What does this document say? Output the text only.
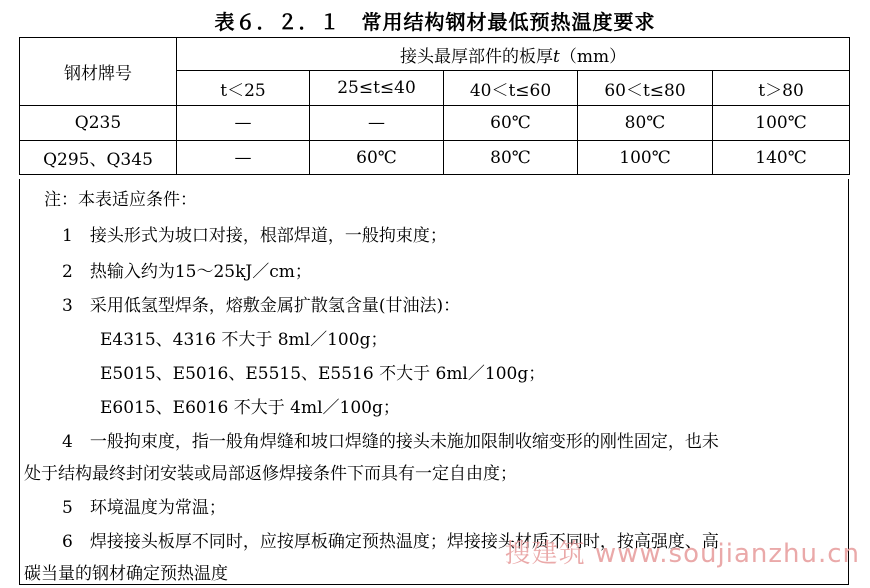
表６．２．１　常用结构钢材最低预热温度要求
钢材牌号	接头最厚部件的板厚t（mm）				
	t＜25	25≤t≤40	40＜t≤60	60＜t≤80	t＞80
Q235	—	—	60℃	80℃	100℃
Q295、Q345	—	60℃	80℃	100℃	140℃
注：本表适应条件：
1　接头形式为坡口对接，根部焊道，一般拘束度；
2　热输入约为15～25kJ／cm；
3　采用低氢型焊条，熔敷金属扩散氢含量(甘油法)：
E4315、4316 不大于 8ml／100g；
E5015、E5016、E5515、E5516 不大于 6ml／100g；
E6015、E6016 不大于 4ml／100g；
4　一般拘束度，指一般角焊缝和坡口焊缝的接头未施加限制收缩变形的刚性固定，也未
处于结构最终封闭安装或局部返修焊接条件下而具有一定自由度；
5　环境温度为常温；
6　焊接接头板厚不同时，应按厚板确定预热温度；焊接接头材质不同时，按高强度、高
碳当量的钢材确定预热温度
搜建筑 www.soujianzhu.cn
